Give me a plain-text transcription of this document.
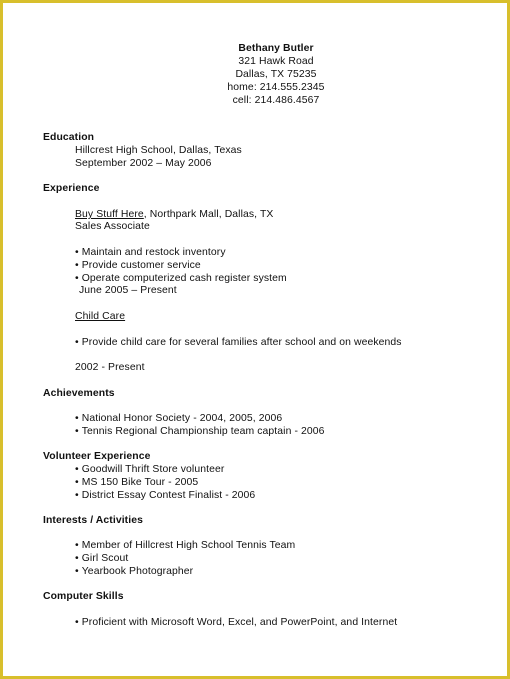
Bethany Butler
321 Hawk Road
Dallas, TX 75235
home: 214.555.2345
cell: 214.486.4567
Education
Hillcrest High School, Dallas, Texas
September 2002 – May 2006
Experience
Buy Stuff Here, Northpark Mall, Dallas, TX
Sales Associate
• Maintain and restock inventory
• Provide customer service
• Operate computerized cash register system
June 2005 – Present
Child Care
• Provide child care for several families after school and on weekends
2002 - Present
Achievements
• National Honor Society - 2004, 2005, 2006
• Tennis Regional Championship team captain - 2006
Volunteer Experience
• Goodwill Thrift Store volunteer
• MS 150 Bike Tour - 2005
• District Essay Contest Finalist - 2006
Interests / Activities
• Member of Hillcrest High School Tennis Team
• Girl Scout
• Yearbook Photographer
Computer Skills
• Proficient with Microsoft Word, Excel, and PowerPoint, and Internet
